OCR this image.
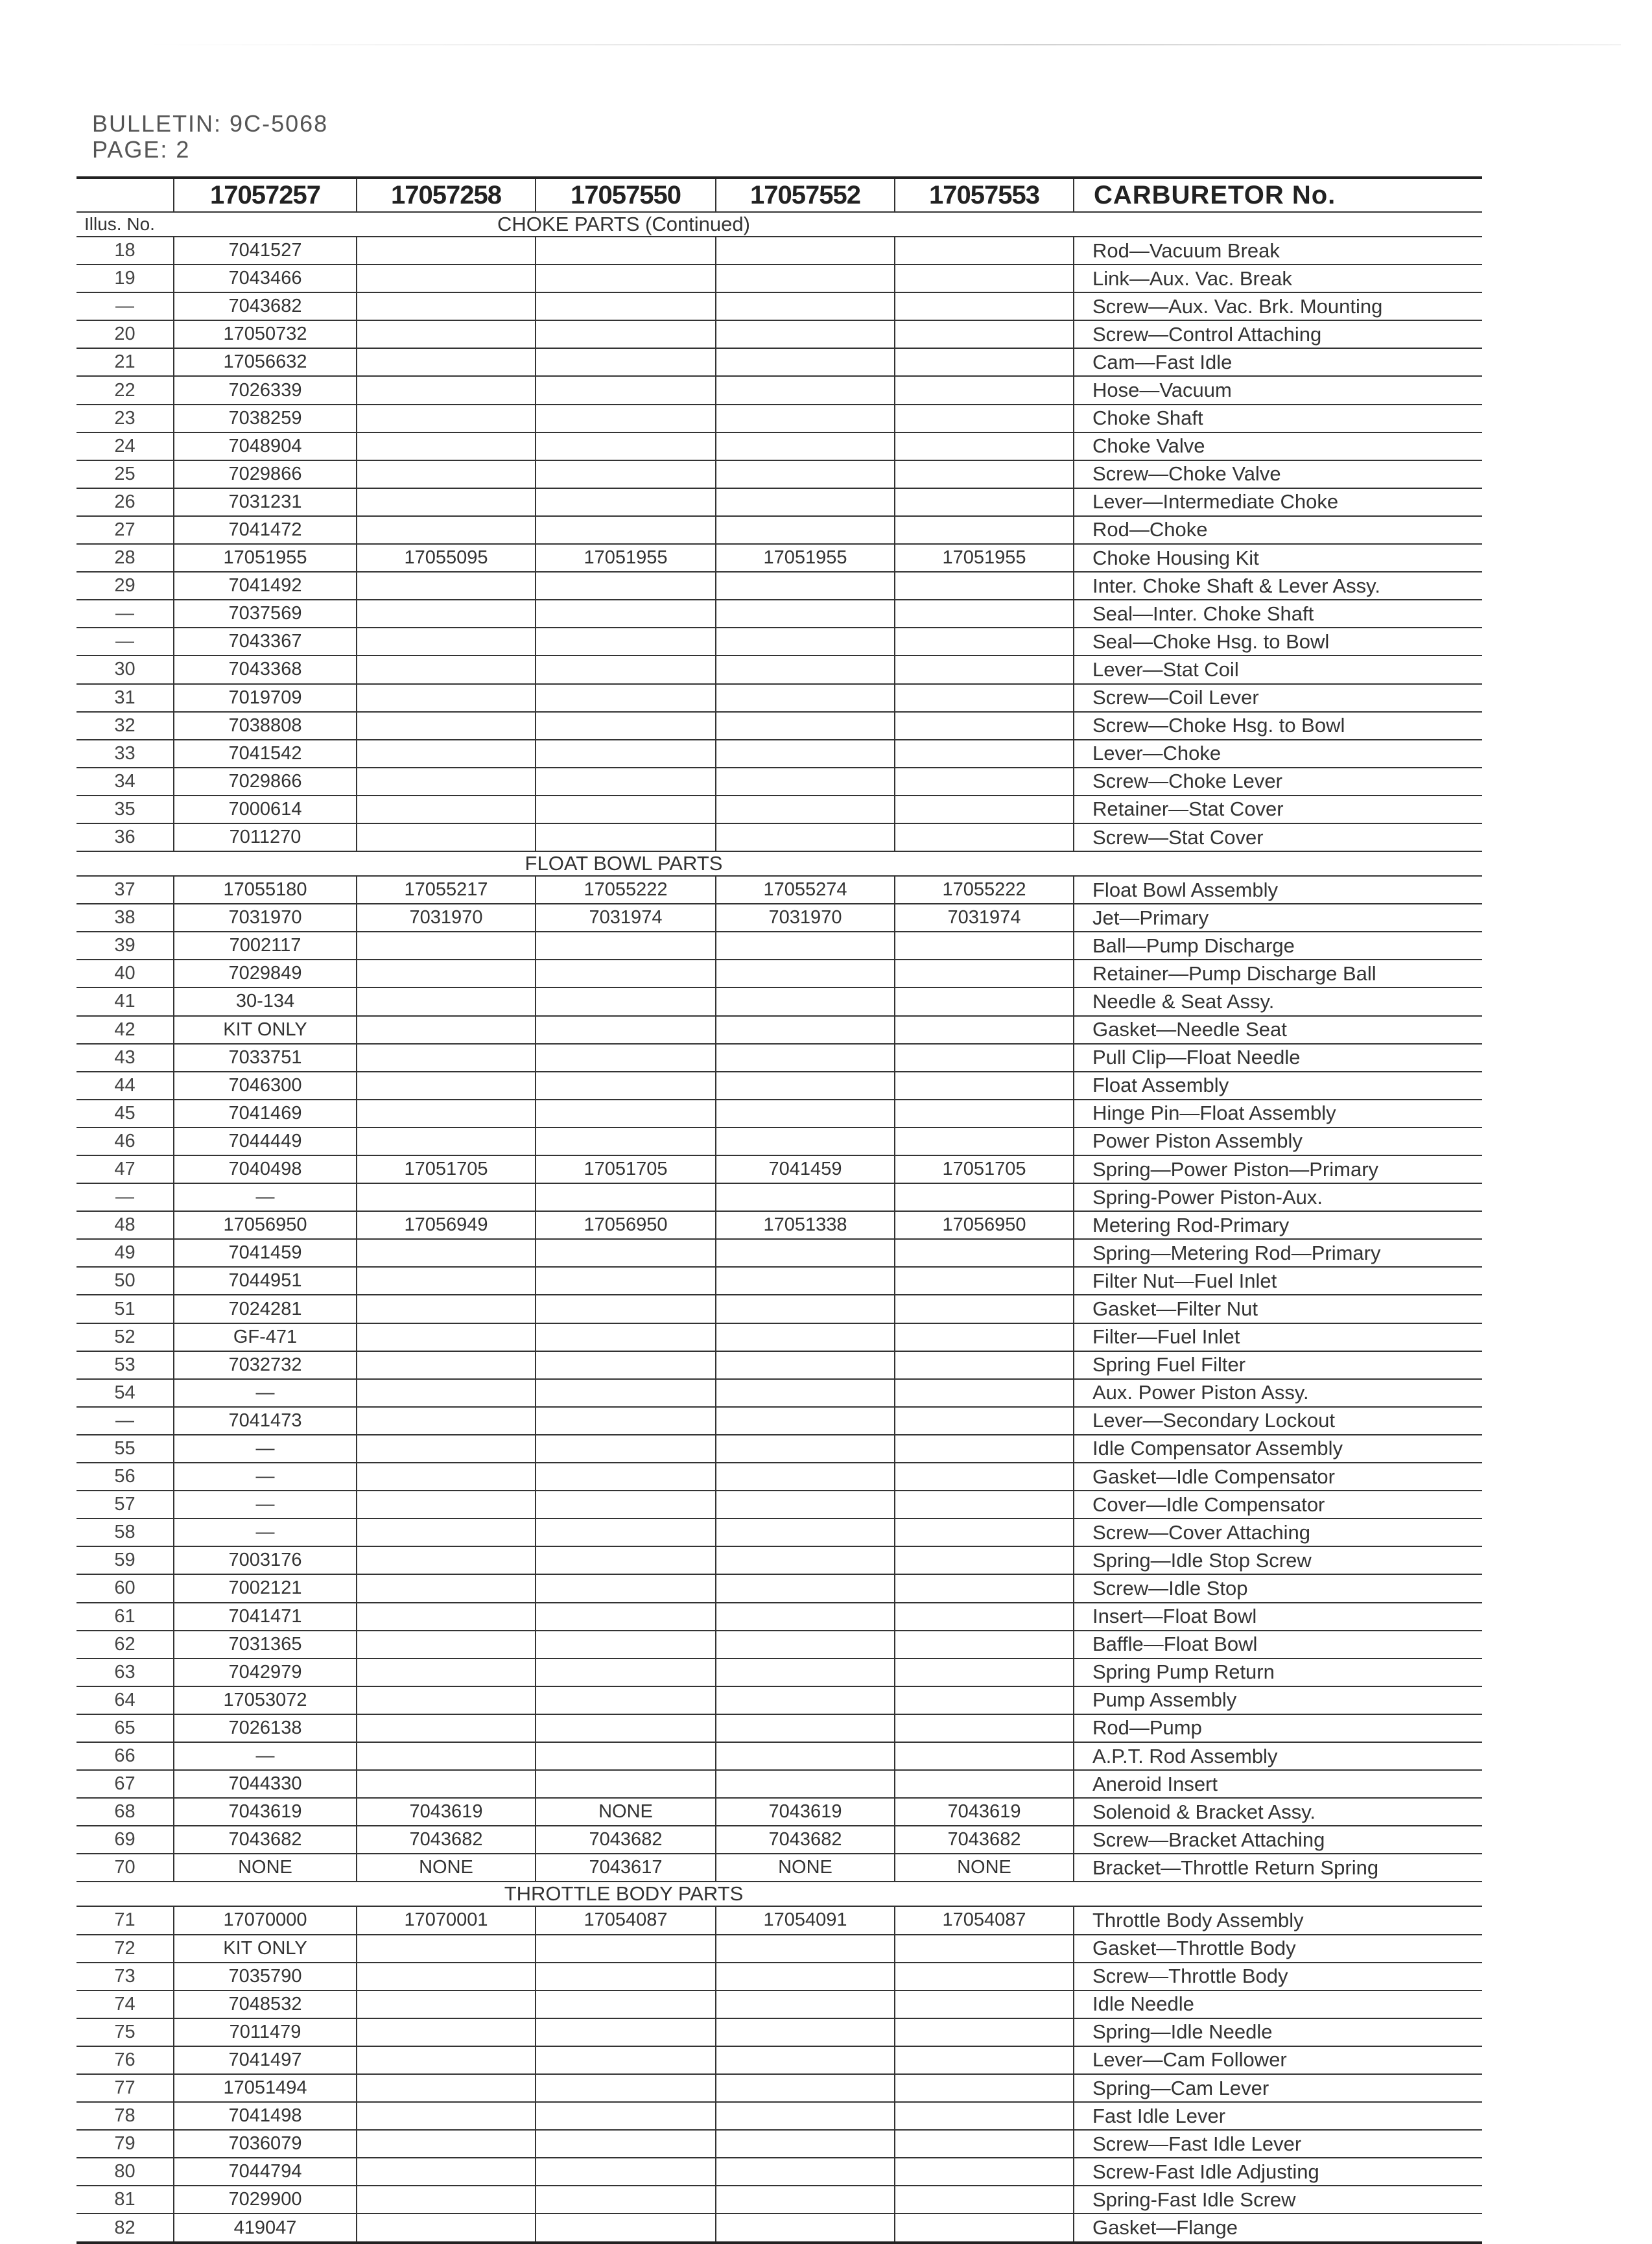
BULLETIN: 9C-5068
PAGE: 2
	17057257	17057258	17057550	17057552	17057553	CARBURETOR No.
Illus. No.	CHOKE PARTS (Continued)					
18	7041527					Rod—Vacuum Break
19	7043466					Link—Aux. Vac. Break
—	7043682					Screw—Aux. Vac. Brk. Mounting
20	17050732					Screw—Control Attaching
21	17056632					Cam—Fast Idle
22	7026339					Hose—Vacuum
23	7038259					Choke Shaft
24	7048904					Choke Valve
25	7029866					Screw—Choke Valve
26	7031231					Lever—Intermediate Choke
27	7041472					Rod—Choke
28	17051955	17055095	17051955	17051955	17051955	Choke Housing Kit
29	7041492					Inter. Choke Shaft & Lever Assy.
—	7037569					Seal—Inter. Choke Shaft
—	7043367					Seal—Choke Hsg. to Bowl
30	7043368					Lever—Stat Coil
31	7019709					Screw—Coil Lever
32	7038808					Screw—Choke Hsg. to Bowl
33	7041542					Lever—Choke
34	7029866					Screw—Choke Lever
35	7000614					Retainer—Stat Cover
36	7011270					Screw—Stat Cover
	FLOAT BOWL PARTS					
37	17055180	17055217	17055222	17055274	17055222	Float Bowl Assembly
38	7031970	7031970	7031974	7031970	7031974	Jet—Primary
39	7002117					Ball—Pump Discharge
40	7029849					Retainer—Pump Discharge Ball
41	30-134					Needle & Seat Assy.
42	KIT ONLY					Gasket—Needle Seat
43	7033751					Pull Clip—Float Needle
44	7046300					Float Assembly
45	7041469					Hinge Pin—Float Assembly
46	7044449					Power Piston Assembly
47	7040498	17051705	17051705	7041459	17051705	Spring—Power Piston—Primary
—	—					Spring-Power Piston-Aux.
48	17056950	17056949	17056950	17051338	17056950	Metering Rod-Primary
49	7041459					Spring—Metering Rod—Primary
50	7044951					Filter Nut—Fuel Inlet
51	7024281					Gasket—Filter Nut
52	GF-471					Filter—Fuel Inlet
53	7032732					Spring Fuel Filter
54	—					Aux. Power Piston Assy.
—	7041473					Lever—Secondary Lockout
55	—					Idle Compensator Assembly
56	—					Gasket—Idle Compensator
57	—					Cover—Idle Compensator
58	—					Screw—Cover Attaching
59	7003176					Spring—Idle Stop Screw
60	7002121					Screw—Idle Stop
61	7041471					Insert—Float Bowl
62	7031365					Baffle—Float Bowl
63	7042979					Spring Pump Return
64	17053072					Pump Assembly
65	7026138					Rod—Pump
66	—					A.P.T. Rod Assembly
67	7044330					Aneroid Insert
68	7043619	7043619	NONE	7043619	7043619	Solenoid & Bracket Assy.
69	7043682	7043682	7043682	7043682	7043682	Screw—Bracket Attaching
70	NONE	NONE	7043617	NONE	NONE	Bracket—Throttle Return Spring
	THROTTLE BODY PARTS					
71	17070000	17070001	17054087	17054091	17054087	Throttle Body Assembly
72	KIT ONLY					Gasket—Throttle Body
73	7035790					Screw—Throttle Body
74	7048532					Idle Needle
75	7011479					Spring—Idle Needle
76	7041497					Lever—Cam Follower
77	17051494					Spring—Cam Lever
78	7041498					Fast Idle Lever
79	7036079					Screw—Fast Idle Lever
80	7044794					Screw-Fast Idle Adjusting
81	7029900					Spring-Fast Idle Screw
82	419047					Gasket—Flange
